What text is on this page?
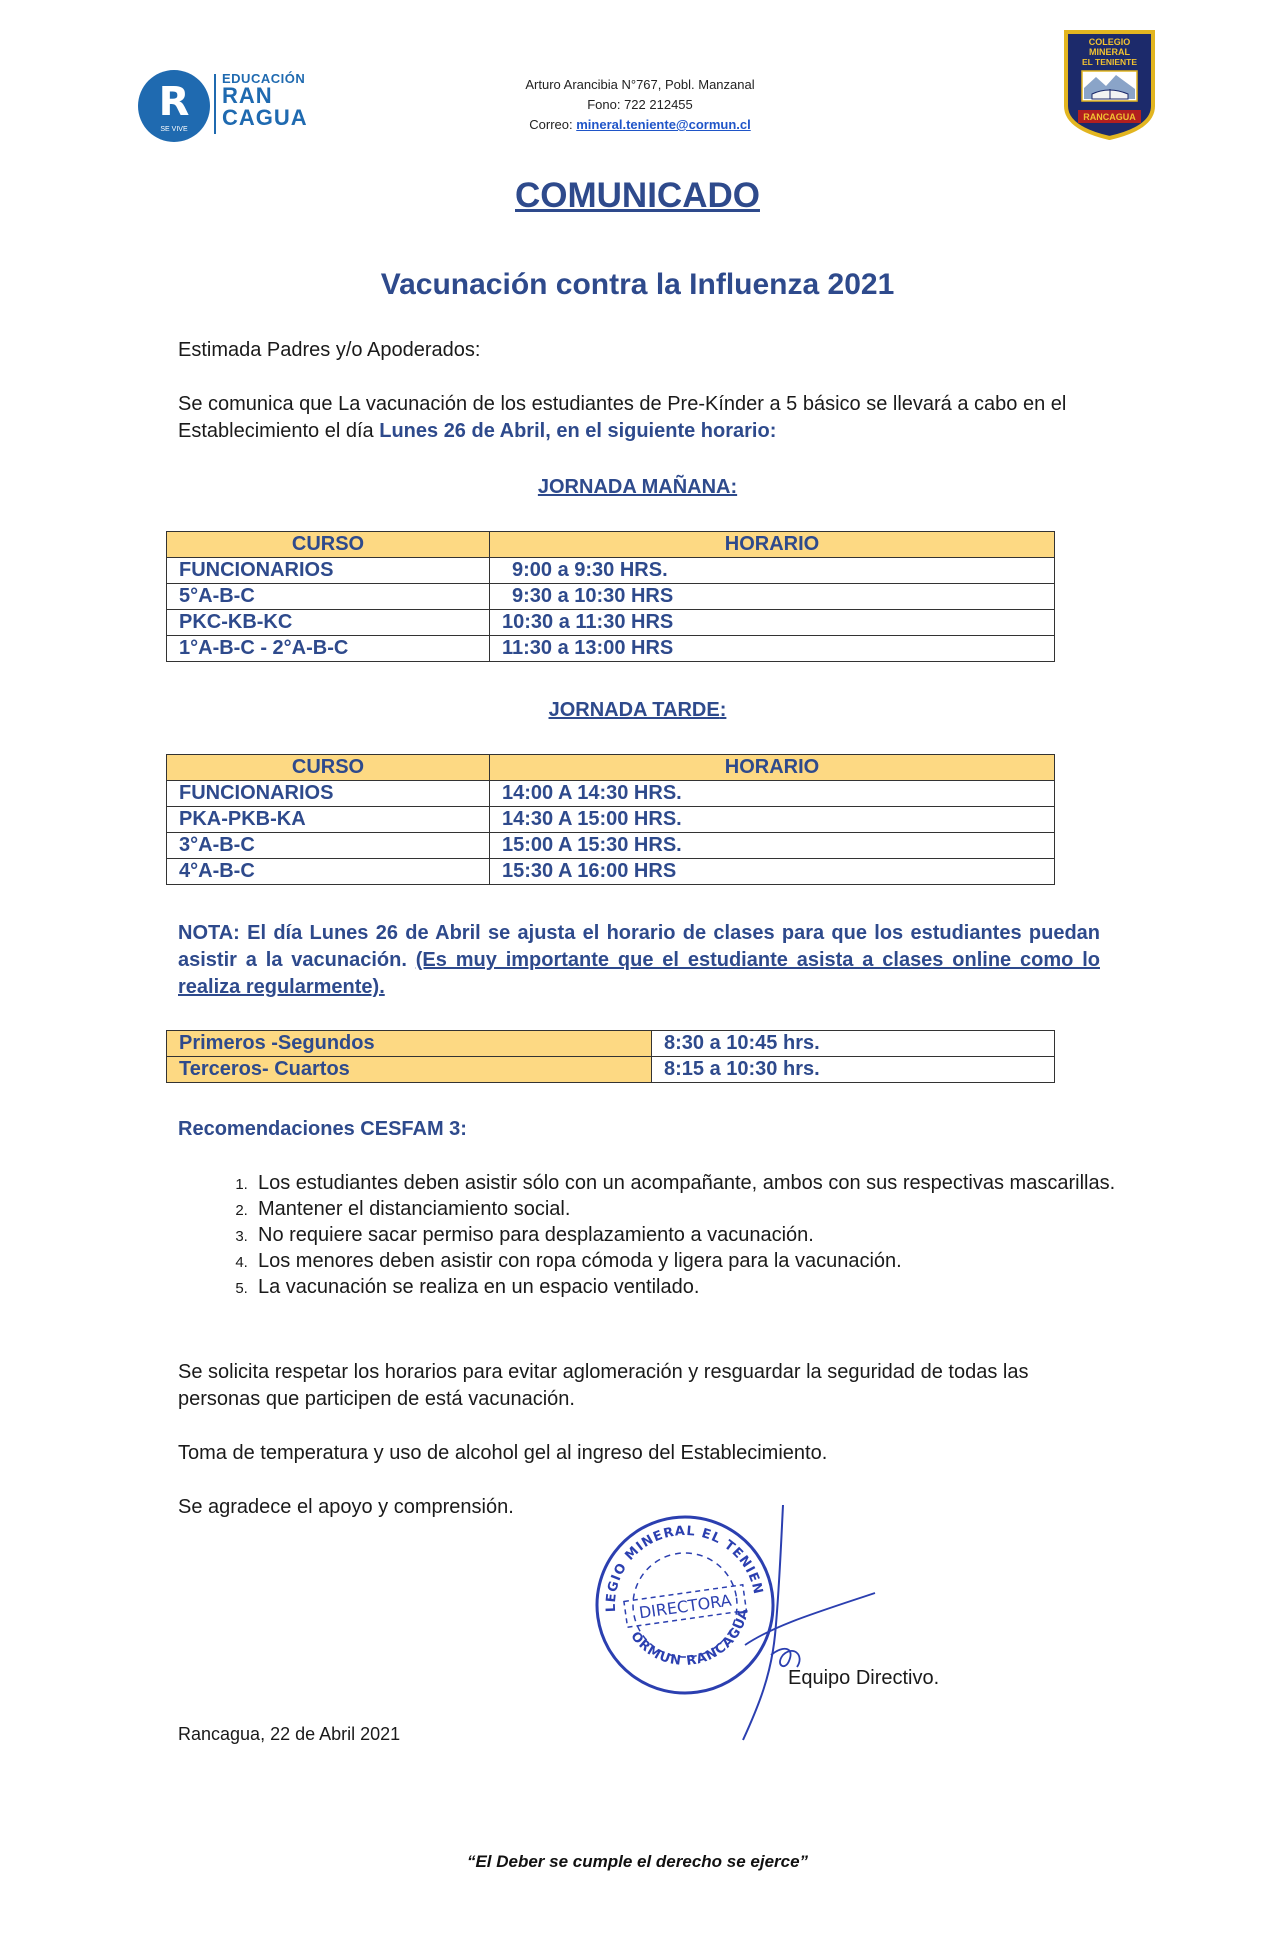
R
SE VIVE
EDUCACIÓN
RAN
CAGUA
Arturo Arancibia N°767, Pobl. Manzanal
Fono: 722 212455
Correo: mineral.teniente@cormun.cl
COLEGIO
MINERAL
EL TENIENTE
RANCAGUA
COMUNICADO
Vacunación contra la Influenza 2021
Estimada Padres y/o Apoderados:
Se comunica que La vacunación de los estudiantes de Pre-Kínder a 5 básico se llevará a cabo en el Establecimiento el día Lunes 26 de Abril, en el siguiente horario:
JORNADA MAÑANA:
CURSO	HORARIO
FUNCIONARIOS	9:00 a 9:30 HRS.
5°A-B-C	9:30 a 10:30 HRS
PKC-KB-KC	10:30 a 11:30 HRS
1°A-B-C - 2°A-B-C	11:30 a 13:00 HRS
JORNADA TARDE:
CURSO	HORARIO
FUNCIONARIOS	14:00 A 14:30 HRS.
PKA-PKB-KA	14:30 A 15:00 HRS.
3°A-B-C	15:00 A 15:30 HRS.
4°A-B-C	15:30 A 16:00 HRS
NOTA: El día Lunes 26 de Abril se ajusta el horario de clases para que los estudiantes puedan asistir a la vacunación. (Es muy importante que el estudiante asista a clases online como lo realiza regularmente).
Primeros -Segundos	8:30 a 10:45 hrs.
Terceros- Cuartos	8:15 a 10:30 hrs.
Recomendaciones CESFAM 3:
1. Los estudiantes deben asistir sólo con un acompañante, ambos con sus respectivas mascarillas.
2. Mantener el distanciamiento social.
3. No requiere sacar permiso para desplazamiento a vacunación.
4. Los menores deben asistir con ropa cómoda y ligera para la vacunación.
5. La vacunación se realiza en un espacio ventilado.
Se solicita respetar los horarios para evitar aglomeración y resguardar la seguridad de todas las personas que participen de está vacunación.
Toma de temperatura y uso de alcohol gel al ingreso del Establecimiento.
Se agradece el apoyo y comprensión.	COLEGIO MINERAL EL TENIENTE
CORMUN RANCAGUA
DIRECTORA
Equipo Directivo.
Rancagua, 22 de Abril 2021
“El Deber se cumple el derecho se ejerce”
